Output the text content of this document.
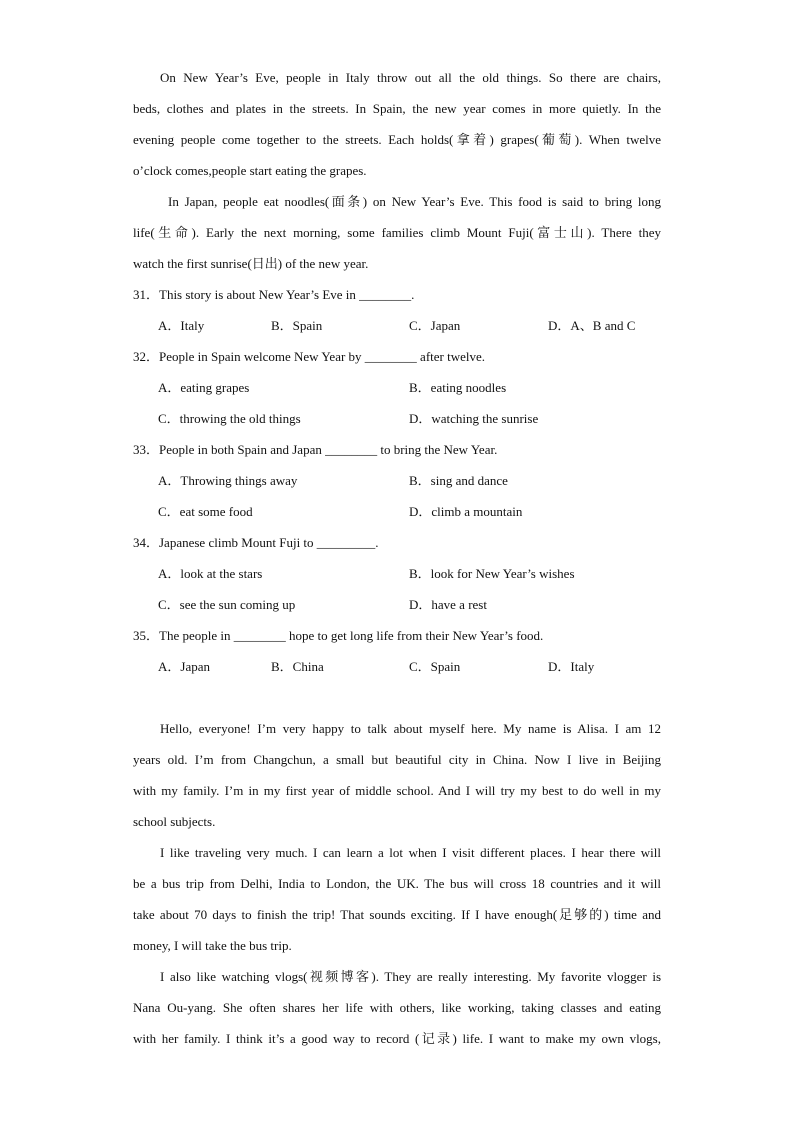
On New Year’s Eve, people in Italy throw out all the old things. So there are chairs,
beds, clothes and plates in the streets. In Spain, the new year comes in more quietly. In the
evening people come together to the streets. Each holds(拿着) grapes(葡萄). When twelve
o’clock comes,people start eating the grapes.
In Japan, people eat noodles(面条) on New Year’s Eve. This food is said to bring long
life(生命). Early the next morning, some families climb Mount Fuji(富士山). There they
watch the first sunrise(日出) of the new year.
31．This story is about New Year’s Eve in ________.
A．Italy	B．Spain	C．Japan	D．A、B and C
32．People in Spain welcome New Year by ________ after twelve.
A．eating grapes	B．eating noodles
C．throwing the old things	D．watching the sunrise
33．People in both Spain and Japan ________ to bring the New Year.
A．Throwing things away	B．sing and dance
C．eat some food	D．climb a mountain
34．Japanese climb Mount Fuji to _________.
A．look at the stars	B．look for New Year’s wishes
C．see the sun coming up	D．have a rest
35．The people in ________ hope to get long life from their New Year’s food.
A．Japan	B．China	C．Spain	D．Italy
Hello, everyone! I’m very happy to talk about myself here. My name is Alisa. I am 12
years old. I’m from Changchun, a small but beautiful city in China. Now I live in Beijing
with my family. I’m in my first year of middle school. And I will try my best to do well in my
school subjects.
I like traveling very much. I can learn a lot when I visit different places. I hear there will
be a bus trip from Delhi, India to London, the UK. The bus will cross 18 countries and it will
take about 70 days to finish the trip! That sounds exciting. If I have enough(足够的) time and
money, I will take the bus trip.
I also like watching vlogs(视频博客). They are really interesting. My favorite vlogger is
Nana Ou-yang. She often shares her life with others, like working, taking classes and eating
with her family. I think it’s a good way to record (记录) life. I want to make my own vlogs,
